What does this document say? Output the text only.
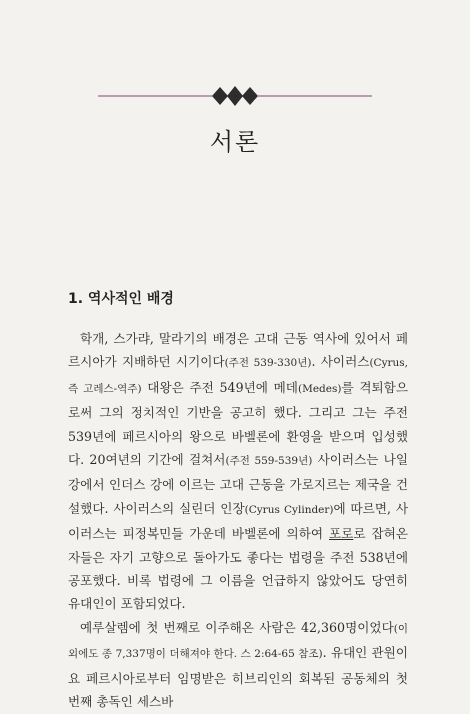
서론
1. 역사적인 배경

학개, 스가랴, 말라기의 배경은 고대 근동 역사에 있어서 페르시아가 지배하던 시기이다(주전 539-330년). 사이러스(Cyrus, 즉 고레스-역주) 대왕은 주전 549년에 메데(Medes)를 격퇴함으로써 그의 정치적인 기반을 공고히 했다. 그리고 그는 주전 539년에 페르시아의 왕으로 바벨론에 환영을 받으며 입성했다. 20여년의 기간에 걸쳐서(주전 559-539년) 사이러스는 나일 강에서 인더스 강에 이르는 고대 근동을 가로지르는 제국을 건설했다. 사이러스의 실린더 인장(Cyrus Cylinder)에 따르면, 사이러스는 피정복민들 가운데 바벨론에 의하여 포로로 잡혀온 자들은 자기 고향으로 돌아가도 좋다는 법령을 주전 538년에 공포했다. 비록 법령에 그 이름을 언급하지 않았어도 당연히 유대인이 포함되었다.

예루살렘에 첫 번째로 이주해온 사람은 42,360명이었다(이외에도 종 7,337명이 더해져야 한다. 스 2:64-65 참조). 유대인 관원이요 페르시아로부터 임명받은 히브리인의 회복된 공동체의 첫 번째 총독인 세스바
